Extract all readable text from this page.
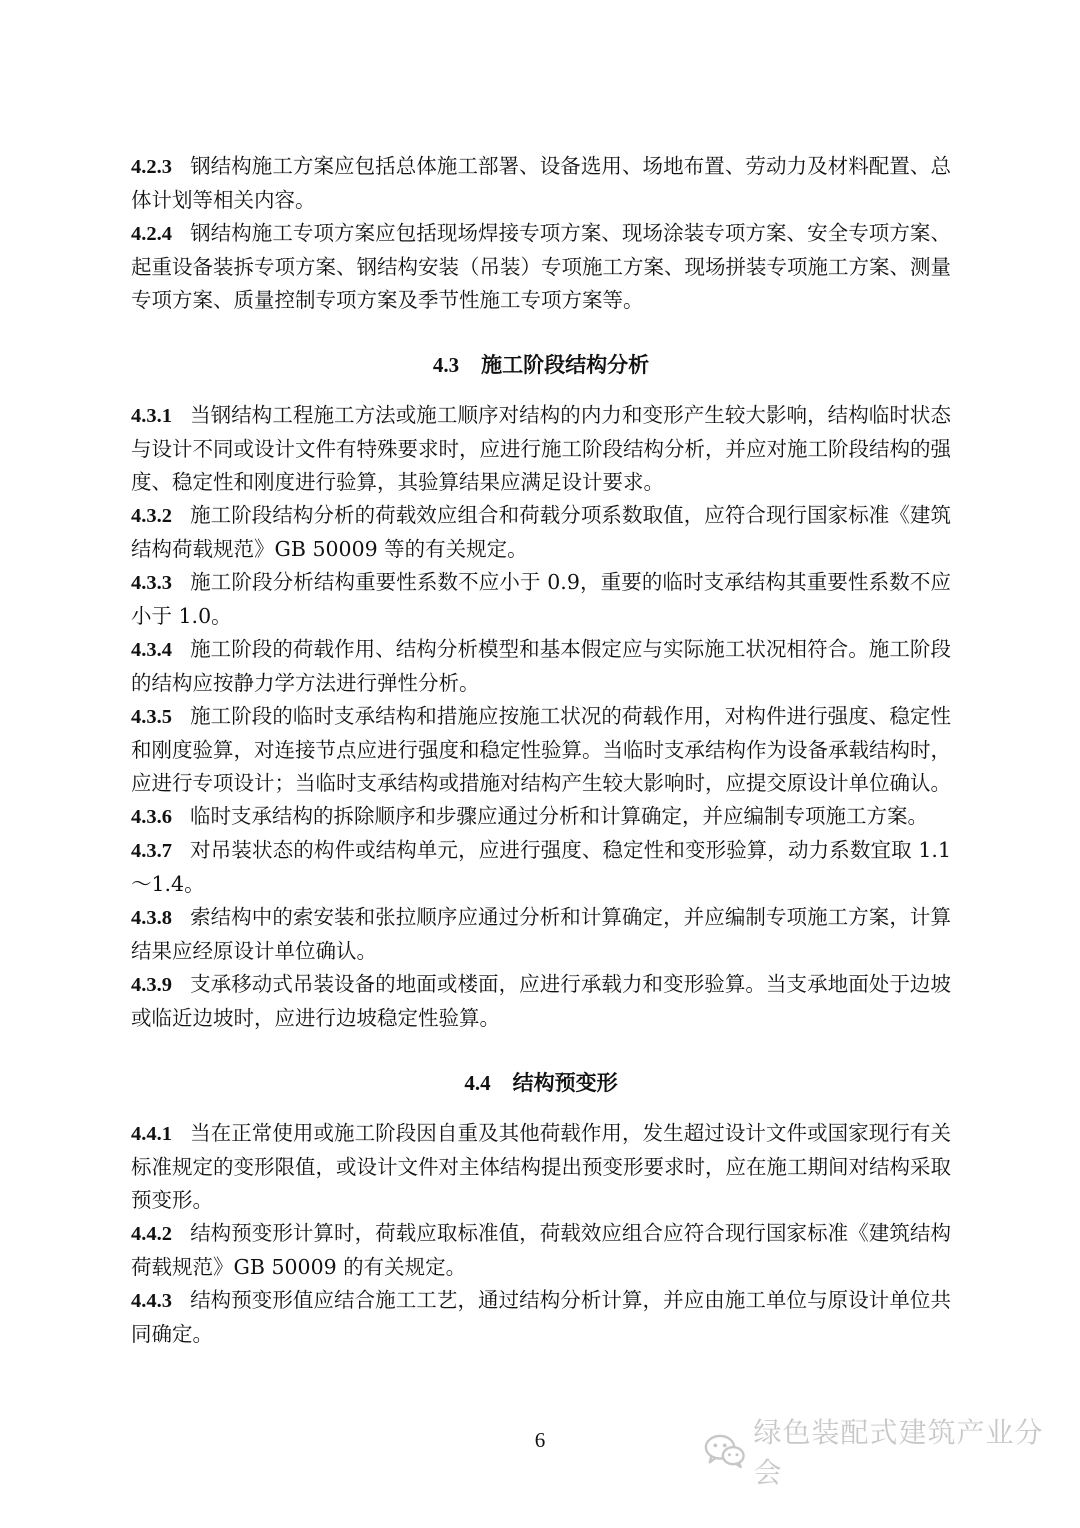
4.2.3 钢结构施工方案应包括总体施工部署、设备选用、场地布置、劳动力及材料配置、总体计划等相关内容。

4.2.4 钢结构施工专项方案应包括现场焊接专项方案、现场涂装专项方案、安全专项方案、起重设备装拆专项方案、钢结构安装（吊装）专项施工方案、现场拼装专项施工方案、测量专项方案、质量控制专项方案及季节性施工专项方案等。

4.3 施工阶段结构分析

4.3.1 当钢结构工程施工方法或施工顺序对结构的内力和变形产生较大影响，结构临时状态与设计不同或设计文件有特殊要求时，应进行施工阶段结构分析，并应对施工阶段结构的强度、稳定性和刚度进行验算，其验算结果应满足设计要求。

4.3.2 施工阶段结构分析的荷载效应组合和荷载分项系数取值，应符合现行国家标准《建筑结构荷载规范》GB 50009 等的有关规定。

4.3.3 施工阶段分析结构重要性系数不应小于 0.9，重要的临时支承结构其重要性系数不应小于 1.0。

4.3.4 施工阶段的荷载作用、结构分析模型和基本假定应与实际施工状况相符合。施工阶段的结构应按静力学方法进行弹性分析。

4.3.5 施工阶段的临时支承结构和措施应按施工状况的荷载作用，对构件进行强度、稳定性和刚度验算，对连接节点应进行强度和稳定性验算。当临时支承结构作为设备承载结构时，应进行专项设计；当临时支承结构或措施对结构产生较大影响时，应提交原设计单位确认。

4.3.6 临时支承结构的拆除顺序和步骤应通过分析和计算确定，并应编制专项施工方案。

4.3.7 对吊装状态的构件或结构单元，应进行强度、稳定性和变形验算，动力系数宜取 1.1～1.4。

4.3.8 索结构中的索安装和张拉顺序应通过分析和计算确定，并应编制专项施工方案，计算结果应经原设计单位确认。

4.3.9 支承移动式吊装设备的地面或楼面，应进行承载力和变形验算。当支承地面处于边坡或临近边坡时，应进行边坡稳定性验算。

4.4 结构预变形

4.4.1 当在正常使用或施工阶段因自重及其他荷载作用，发生超过设计文件或国家现行有关标准规定的变形限值，或设计文件对主体结构提出预变形要求时，应在施工期间对结构采取预变形。

4.4.2 结构预变形计算时，荷载应取标准值，荷载效应组合应符合现行国家标准《建筑结构荷载规范》GB 50009 的有关规定。

4.4.3 结构预变形值应结合施工工艺，通过结构分析计算，并应由施工单位与原设计单位共同确定。

6	绿色装配式建筑产业分会
